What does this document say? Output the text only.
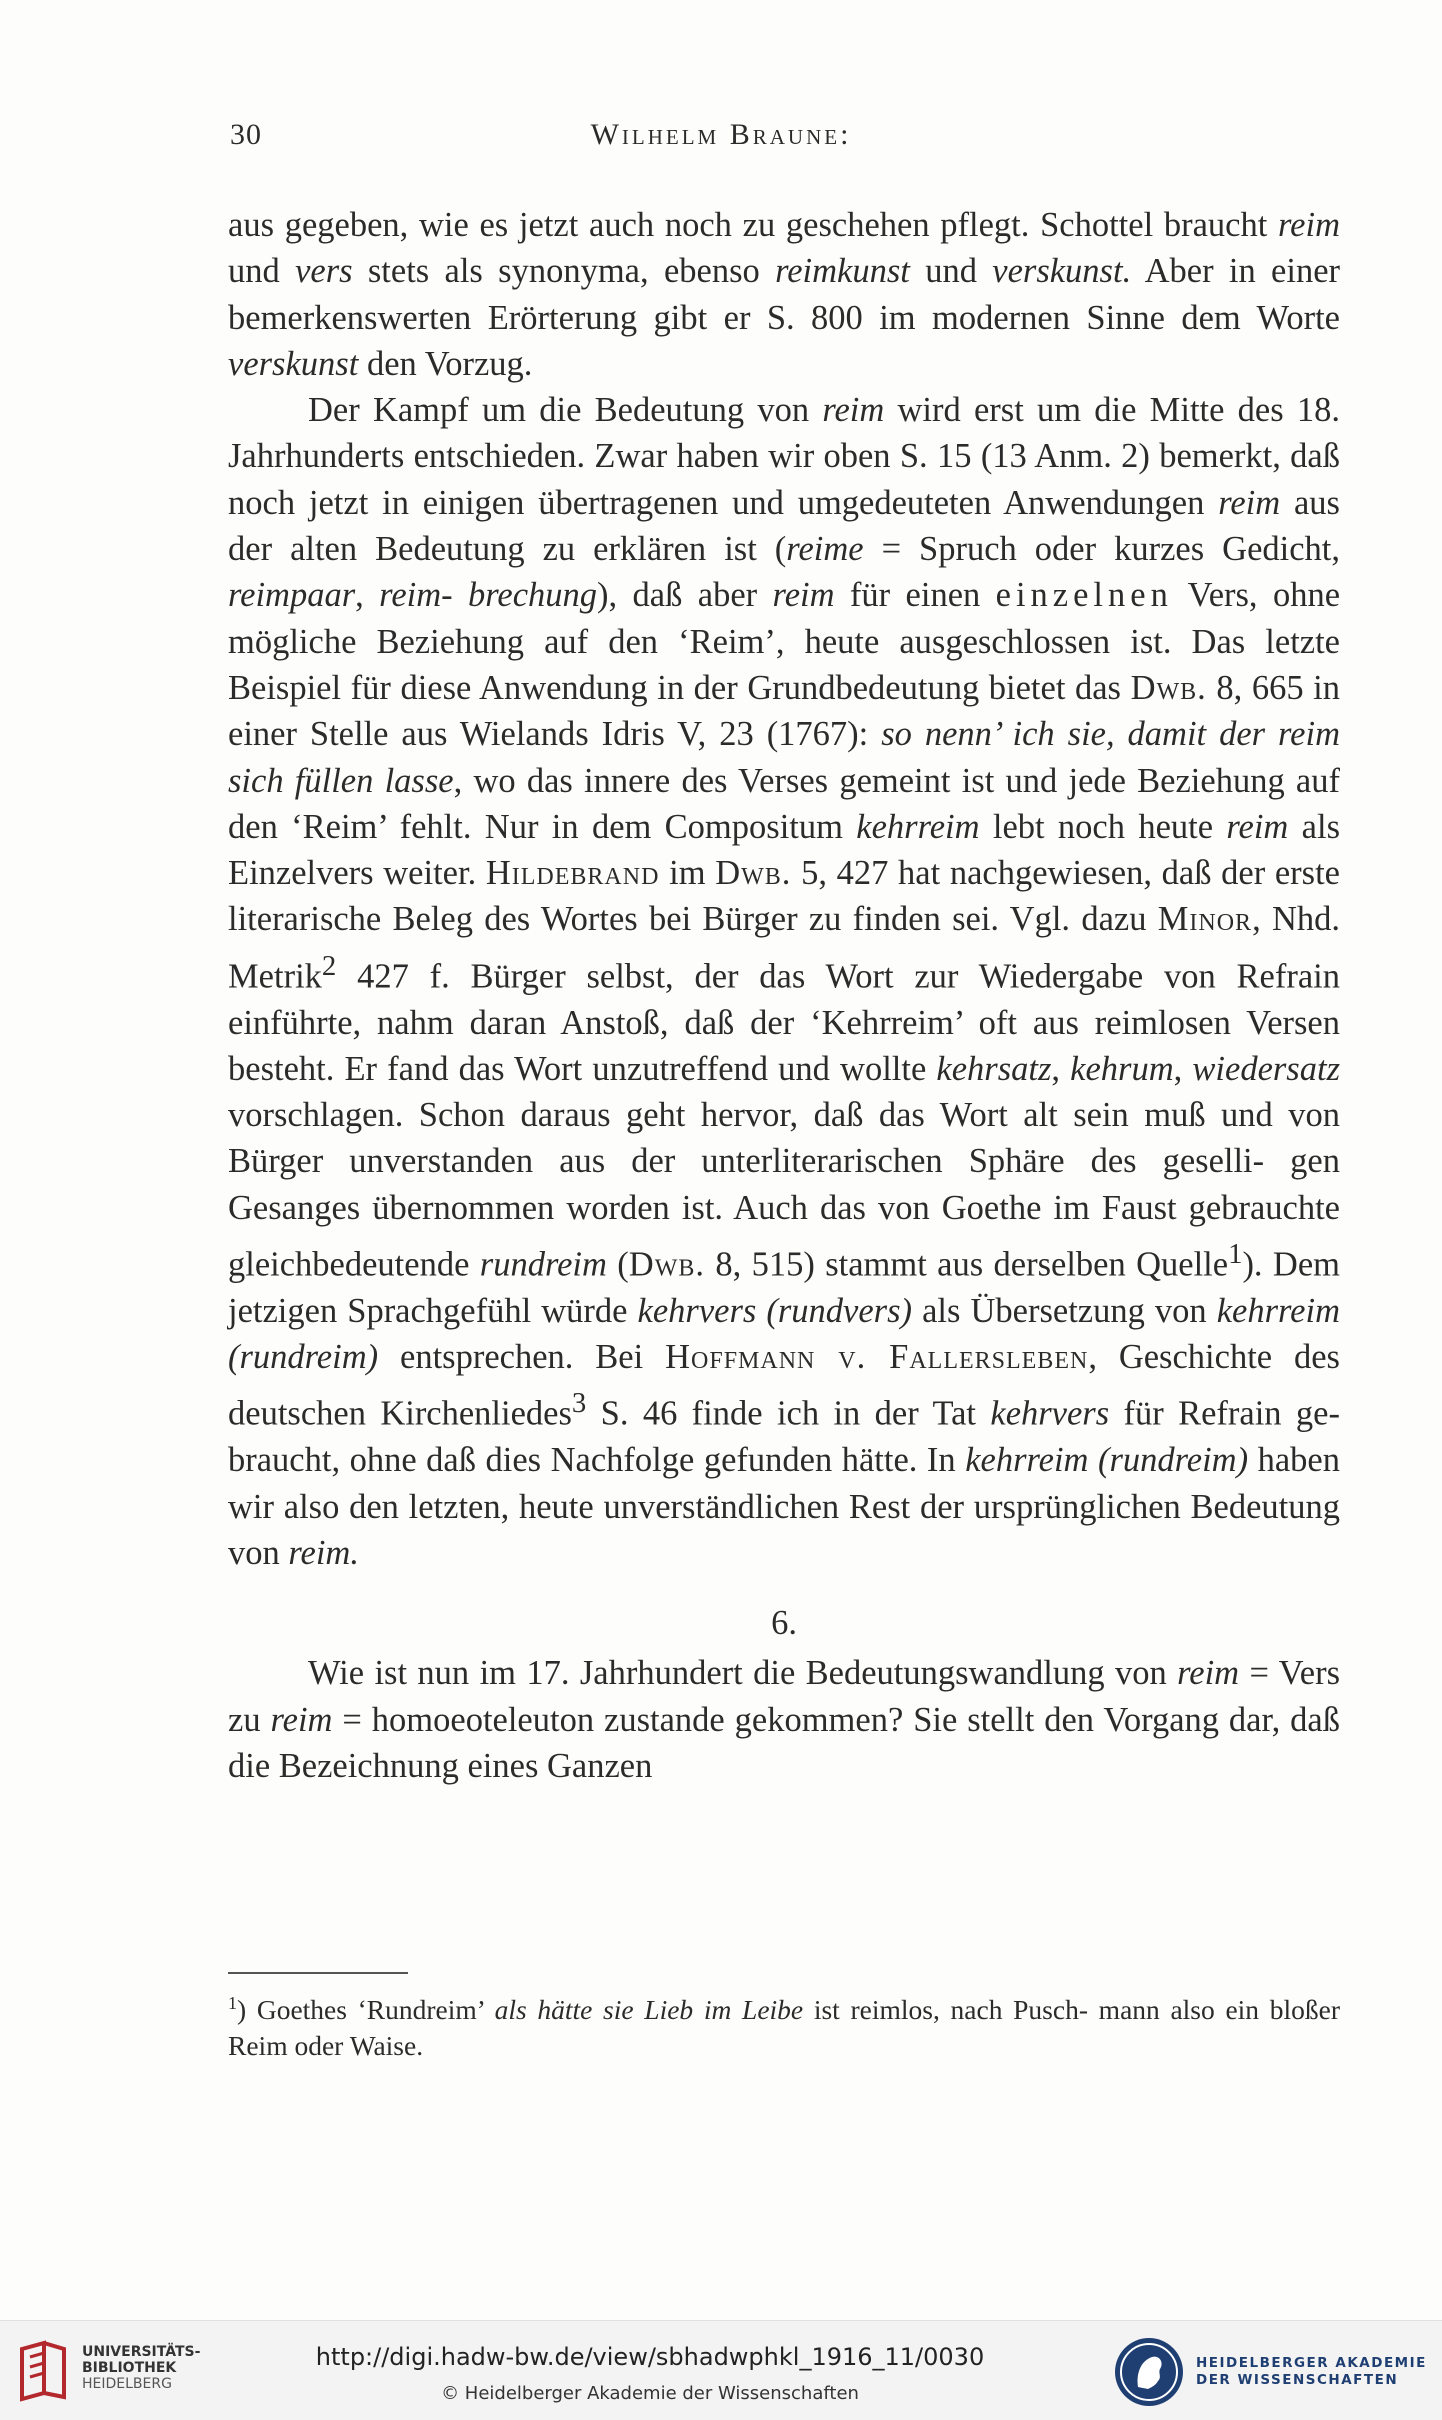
30	Wilhelm Braune:

aus gegeben, wie es jetzt auch noch zu geschehen pflegt. Schottel braucht reim und vers stets als synonyma, ebenso reimkunst und verskunst. Aber in einer bemerkenswerten Erörterung gibt er S. 800 im modernen Sinne dem Worte verskunst den Vorzug.

Der Kampf um die Bedeutung von reim wird erst um die Mitte des 18. Jahrhunderts entschieden. Zwar haben wir oben S. 15 (13 Anm. 2) bemerkt, daß noch jetzt in einigen übertragenen und umgedeuteten Anwendungen reim aus der alten Bedeutung zu erklären ist (reime = Spruch oder kurzes Gedicht, reimpaar, reim- brechung), daß aber reim für einen einzelnen Vers, ohne mögliche Beziehung auf den ‘Reim’, heute ausgeschlossen ist. Das letzte Beispiel für diese Anwendung in der Grundbedeutung bietet das Dwb. 8, 665 in einer Stelle aus Wielands Idris V, 23 (1767): so nenn’ ich sie, damit der reim sich füllen lasse, wo das innere des Verses gemeint ist und jede Beziehung auf den ‘Reim’ fehlt. Nur in dem Compositum kehrreim lebt noch heute reim als Einzelvers weiter. Hildebrand im Dwb. 5, 427 hat nachgewiesen, daß der erste literarische Beleg des Wortes bei Bürger zu finden sei. Vgl. dazu Minor, Nhd. Metrik$^2$ 427 f. Bürger selbst, der das Wort zur Wiedergabe von Refrain einführte, nahm daran Anstoß, daß der ‘Kehrreim’ oft aus reimlosen Versen besteht. Er fand das Wort unzutreffend und wollte kehrsatz, kehrum, wiedersatz vorschlagen. Schon daraus geht hervor, daß das Wort alt sein muß und von Bürger unverstanden aus der unterliterarischen Sphäre des geselli- gen Gesanges übernommen worden ist. Auch das von Goethe im Faust gebrauchte gleichbedeutende rundreim (Dwb. 8, 515) stammt aus derselben Quelle$^1$). Dem jetzigen Sprachgefühl würde kehrvers (rundvers) als Übersetzung von kehrreim (rundreim) entsprechen. Bei Hoffmann v. Fallersleben, Geschichte des deutschen Kirchenliedes$^3$ S. 46 finde ich in der Tat kehrvers für Refrain ge- braucht, ohne daß dies Nachfolge gefunden hätte. In kehrreim (rundreim) haben wir also den letzten, heute unverständlichen Rest der ursprünglichen Bedeutung von reim.

6.

Wie ist nun im 17. Jahrhundert die Bedeutungswandlung von reim = Vers zu reim = homoeoteleuton zustande gekommen? Sie stellt den Vorgang dar, daß die Bezeichnung eines Ganzen

$^1$) Goethes ‘Rundreim’ als hätte sie Lieb im Leibe ist reimlos, nach Pusch- mann also ein bloßer Reim oder Waise.
UNIVERSITÄTS-
BIBLIOTHEK
HEIDELBERG
http://digi.hadw-bw.de/view/sbhadwphkl_1916_11/0030
© Heidelberger Akademie der Wissenschaften
HEIDELBERGER AKADEMIE
DER WISSENSCHAFTEN
